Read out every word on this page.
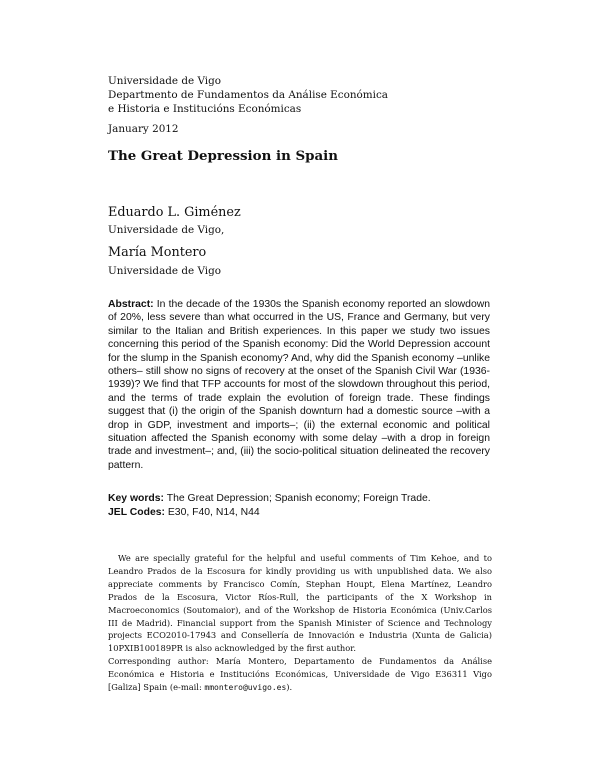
Universidade de Vigo
Departmento de Fundamentos da Análise Económica
e Historia e Institucións Económicas
January 2012
The Great Depression in Spain
Eduardo L. Giménez
Universidade de Vigo,
María Montero
Universidade de Vigo
Abstract: In the decade of the 1930s the Spanish economy reported an slowdown of 20%, less severe than what occurred in the US, France and Germany, but very similar to the Italian and British experiences. In this paper we study two issues concerning this period of the Spanish economy: Did the World Depression account for the slump in the Spanish economy? And, why did the Spanish economy –unlike others– still show no signs of recovery at the onset of the Spanish Civil War (1936-1939)? We find that TFP accounts for most of the slowdown throughout this period, and the terms of trade explain the evolution of foreign trade. These findings suggest that (i) the origin of the Spanish downturn had a domestic source –with a drop in GDP, investment and imports–; (ii) the external economic and political situation affected the Spanish economy with some delay –with a drop in foreign trade and investment–; and, (iii) the socio-political situation delineated the recovery pattern.
Key words: The Great Depression; Spanish economy; Foreign Trade.
JEL Codes: E30, F40, N14, N44
We are specially grateful for the helpful and useful comments of Tim Kehoe, and to Leandro Prados de la Escosura for kindly providing us with unpublished data. We also appreciate comments by Francisco Comín, Stephan Houpt, Elena Martínez, Leandro Prados de la Escosura, Victor Ríos-Rull, the participants of the X Workshop in Macroeconomics (Soutomaior), and of the Workshop de Historia Económica (Univ.Carlos III de Madrid). Financial support from the Spanish Minister of Science and Technology projects ECO2010-17943 and Consellería de Innovación e Industria (Xunta de Galicia) 10PXIB100189PR is also acknowledged by the first author.
Corresponding author: María Montero, Departamento de Fundamentos da Análise Económica e Historia e Institucións Económicas, Universidade de Vigo E36311 Vigo [Galiza] Spain (e-mail: mmontero@uvigo.es).
